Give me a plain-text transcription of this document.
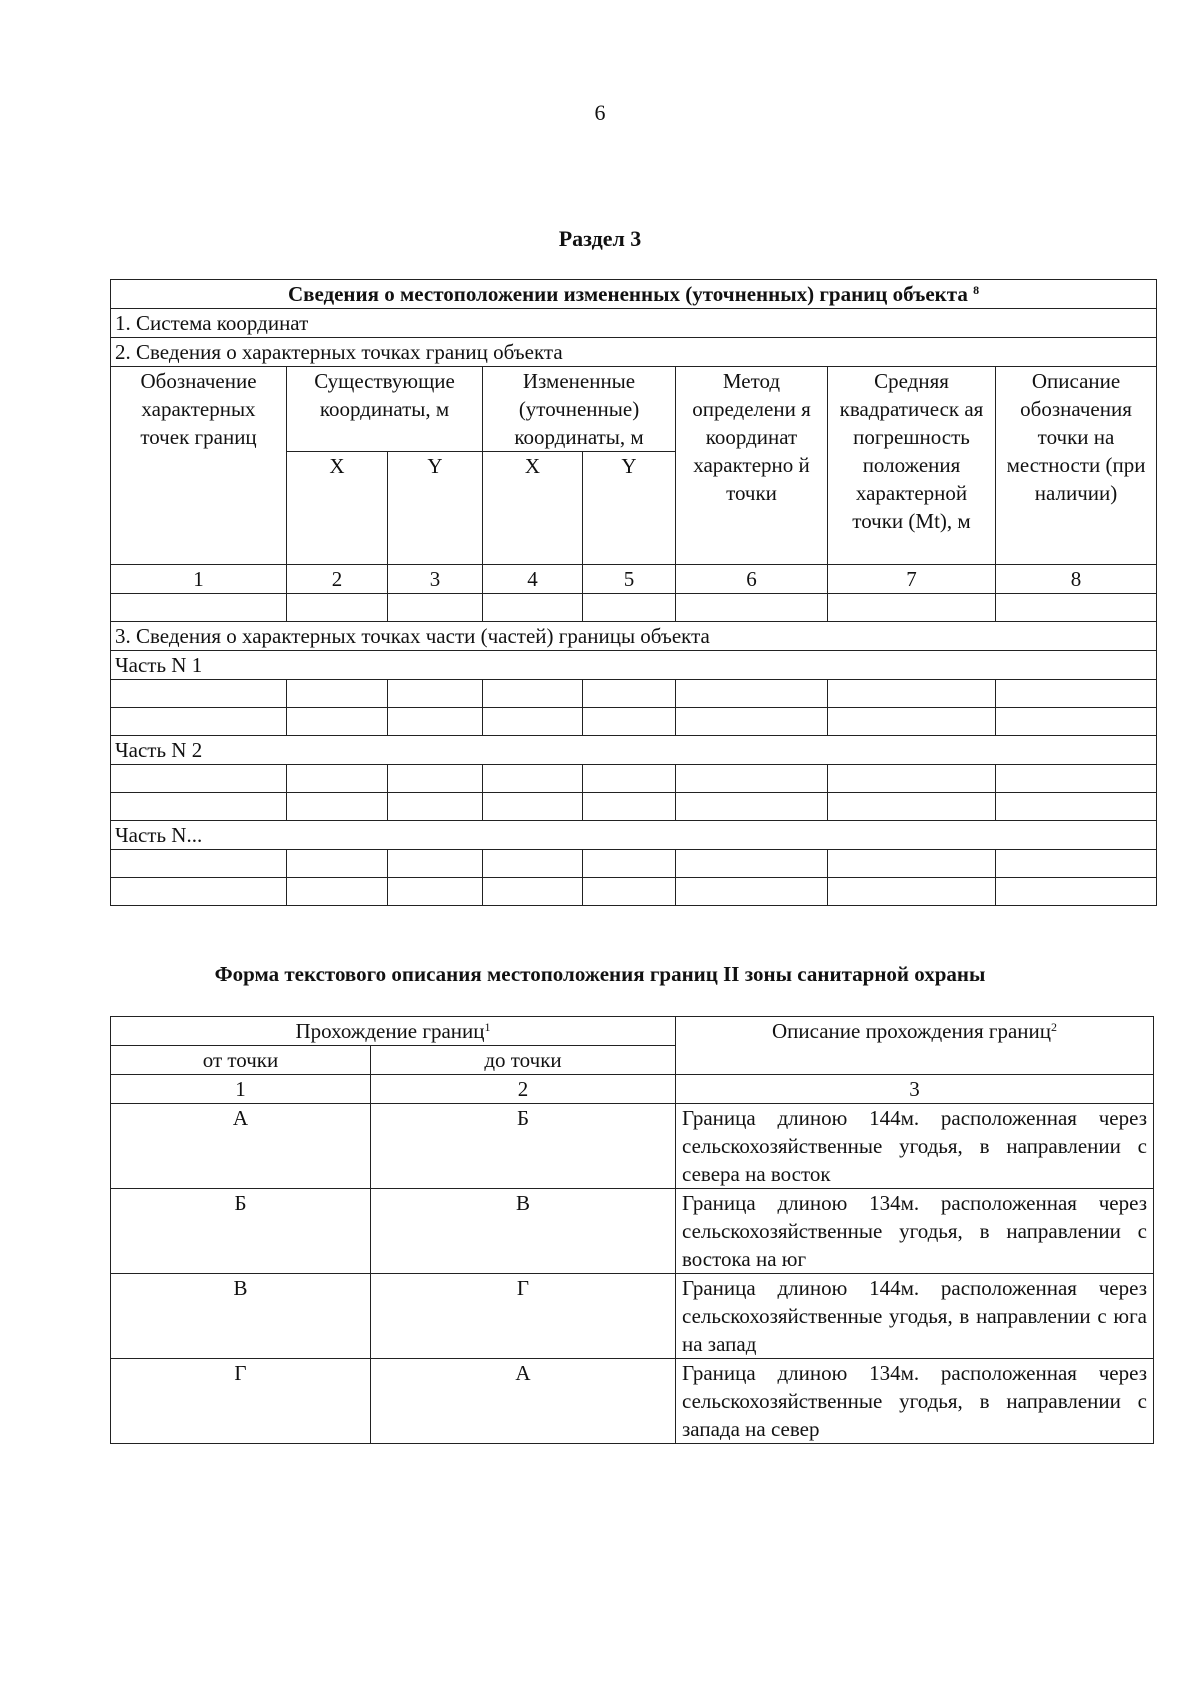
6
Раздел 3
Сведения о местоположении измененных (уточненных) границ объекта $^8$
1. Система координат							
2. Сведения о характерных точках границ объекта							
Обозначение характерных точек границ	Существующие координаты, м		Измененные (уточненные) координаты, м		Метод определени я координат характерно й точки	Средняя квадратическ ая погрешность положения характерной точки (Mt), м	Описание обозначения точки на местности (при наличии)
	X	Y	X	Y			
1	2	3	4	5	6	7	8

3. Сведения о характерных точках части (частей) границы объекта							
Часть N 1							

Часть N 2							

Часть N...							

Форма текстового описания местоположения границ II зоны санитарной охраны
Прохождение границ$^1$		Описание прохождения границ$^2$
от точки	до точки	
1	2	3
А	Б	Граница длиною 144м. расположенная через сельскохозяйственные угодья, в направлении с севера на восток
Б	В	Граница длиною 134м. расположенная через сельскохозяйственные угодья, в направлении с востока на юг
В	Г	Граница длиною 144м. расположенная через сельскохозяйственные угодья, в направлении с юга на запад
Г	А	Граница длиною 134м. расположенная через сельскохозяйственные угодья, в направлении с запада на север
